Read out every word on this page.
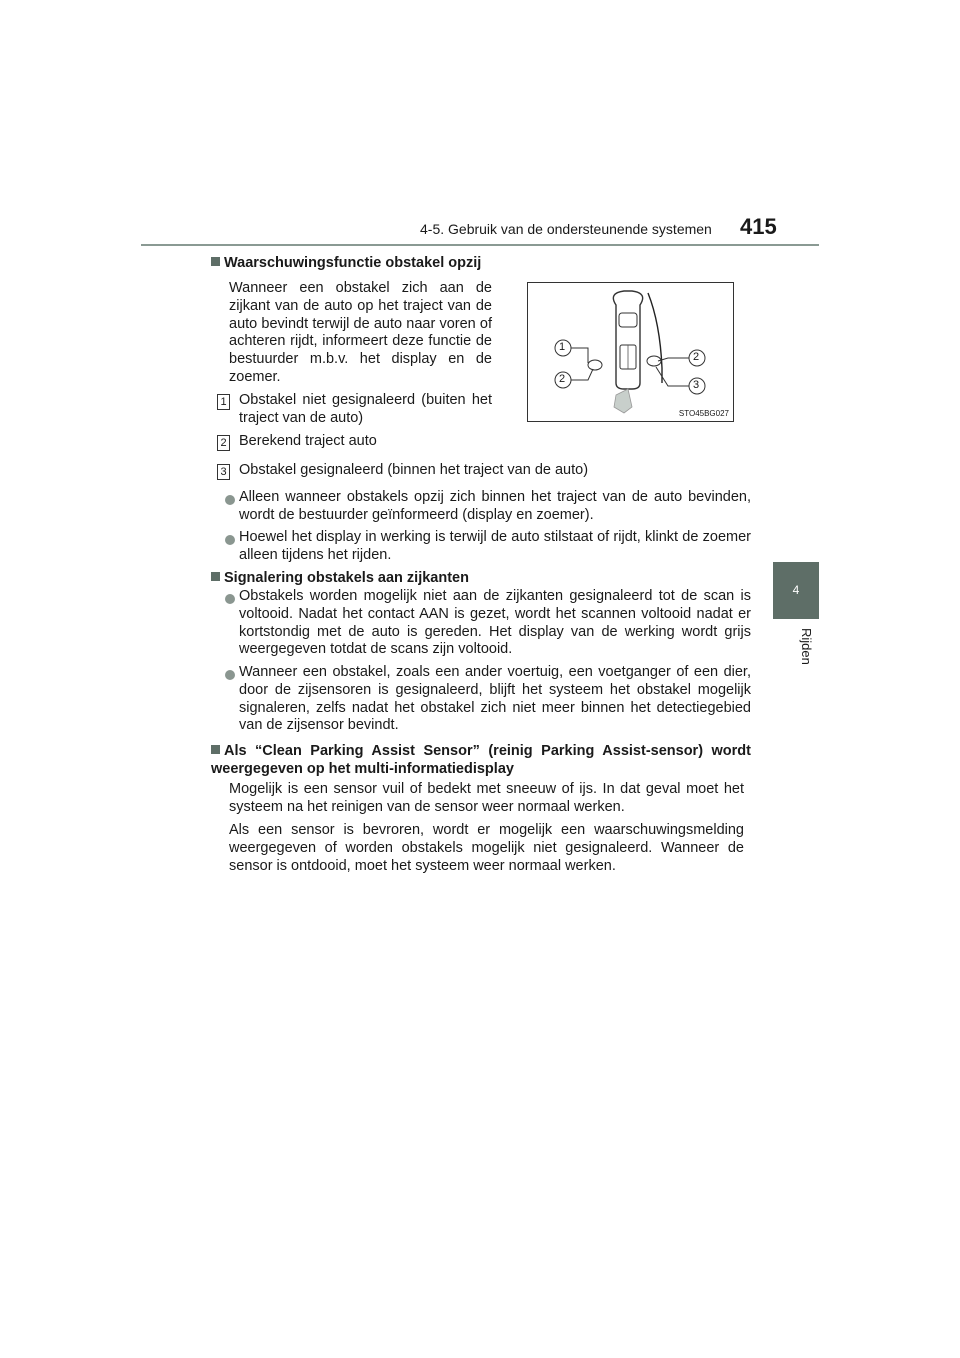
4-5. Gebruik van de ondersteunende systemen 415
4
Rijden
Waarschuwingsfunctie obstakel opzij
Wanneer een obstakel zich aan de zijkant van de auto op het traject van de auto bevindt terwijl de auto naar voren of achteren rijdt, informeert deze functie de bestuurder m.b.v. het display en de zoemer.
1 Obstakel niet gesignaleerd (buiten het traject van de auto)
2 Berekend traject auto
3 Obstakel gesignaleerd (binnen het traject van de auto)
Alleen wanneer obstakels opzij zich binnen het traject van de auto bevinden, wordt de bestuurder geïnformeerd (display en zoemer).
Hoewel het display in werking is terwijl de auto stilstaat of rijdt, klinkt de zoemer alleen tijdens het rijden.
1
2
2
3
STO45BG027
Signalering obstakels aan zijkanten
Obstakels worden mogelijk niet aan de zijkanten gesignaleerd tot de scan is voltooid. Nadat het contact AAN is gezet, wordt het scannen voltooid nadat er kortstondig met de auto is gereden. Het display van de werking wordt grijs weergegeven totdat de scans zijn voltooid.
Wanneer een obstakel, zoals een ander voertuig, een voetganger of een dier, door de zijsensoren is gesignaleerd, blijft het systeem het obstakel mogelijk signaleren, zelfs nadat het obstakel zich niet meer binnen het detectiegebied van de zijsensor bevindt.
Als “Clean Parking Assist Sensor” (reinig Parking Assist-sensor) wordt weergegeven op het multi-informatiedisplay
Mogelijk is een sensor vuil of bedekt met sneeuw of ijs. In dat geval moet het systeem na het reinigen van de sensor weer normaal werken.
Als een sensor is bevroren, wordt er mogelijk een waarschuwingsmelding weergegeven of worden obstakels mogelijk niet gesignaleerd. Wanneer de sensor is ontdooid, moet het systeem weer normaal werken.
